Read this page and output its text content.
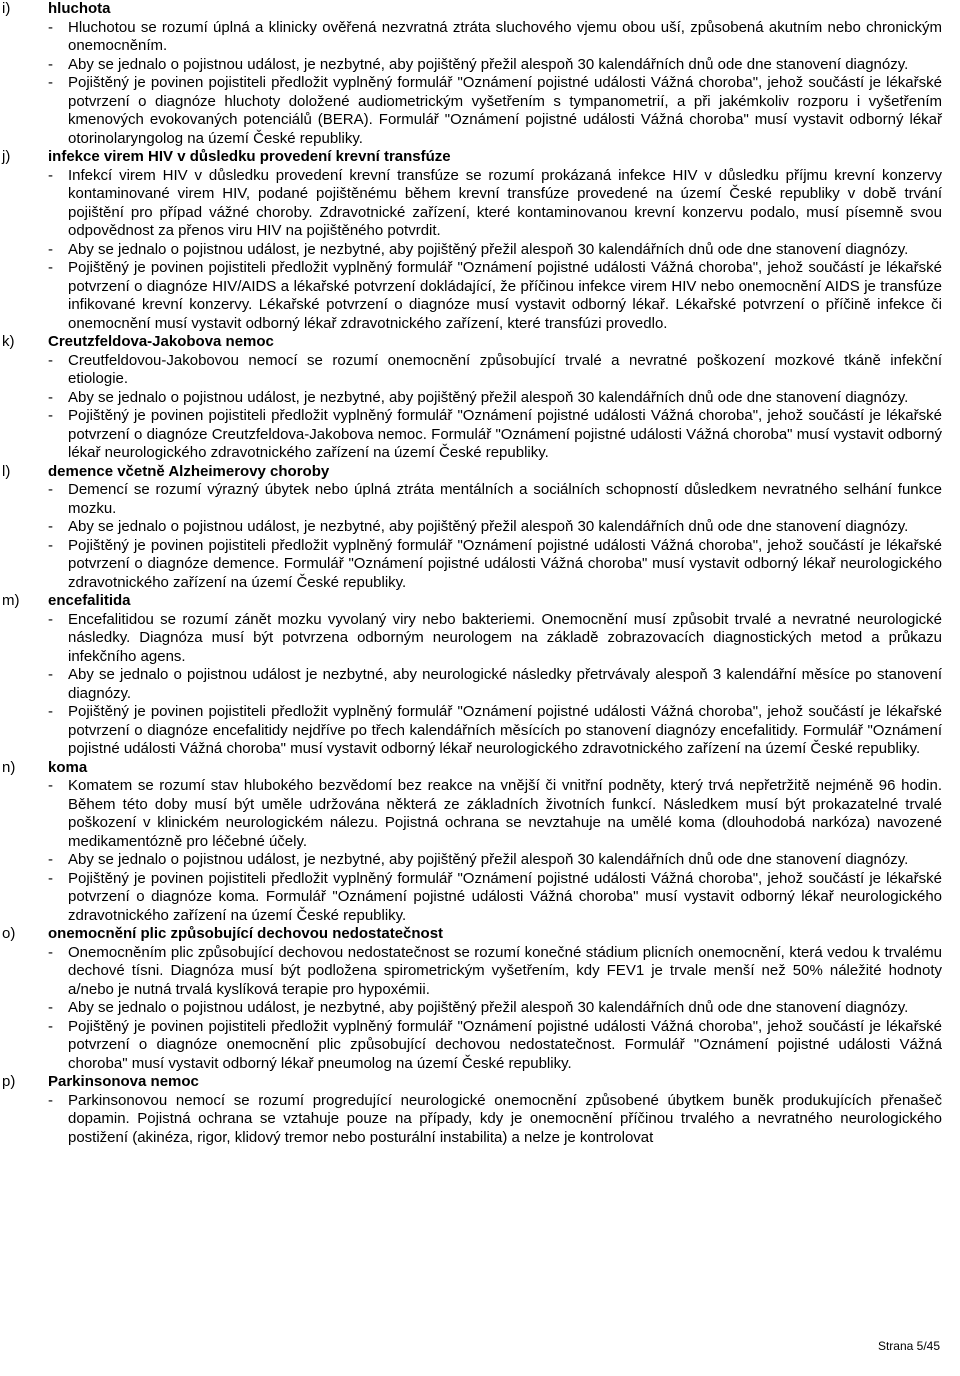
i)	hluchota

- Hluchotou se rozumí úplná a klinicky ověřená nezvratná ztráta sluchového vjemu obou uší, způsobená akutním nebo chronickým onemocněním.
- Aby se jednalo o pojistnou událost, je nezbytné, aby pojištěný přežil alespoň 30 kalendářních dnů ode dne stanovení diagnózy.
- Pojištěný je povinen pojistiteli předložit vyplněný formulář "Oznámení pojistné události Vážná choroba", jehož součástí je lékařské potvrzení o diagnóze hluchoty doložené audiometrickým vyšetřením s tympanometrií, a při jakémkoliv rozporu i vyšetřením kmenových evokovaných potenciálů (BERA). Formulář "Oznámení pojistné události Vážná choroba" musí vystavit odborný lékař otorinolaryngolog na území České republiky.
j)	infekce virem HIV v důsledku provedení krevní transfúze

- Infekcí virem HIV v důsledku provedení krevní transfúze se rozumí prokázaná infekce HIV v důsledku příjmu krevní konzervy kontaminované virem HIV, podané pojištěnému během krevní transfúze provedené na území České republiky v době trvání pojištění pro případ vážné choroby. Zdravotnické zařízení, které kontaminovanou krevní konzervu podalo, musí písemně svou odpovědnost za přenos viru HIV na pojištěného potvrdit.
- Aby se jednalo o pojistnou událost, je nezbytné, aby pojištěný přežil alespoň 30 kalendářních dnů ode dne stanovení diagnózy.
- Pojištěný je povinen pojistiteli předložit vyplněný formulář "Oznámení pojistné události Vážná choroba", jehož součástí je lékařské potvrzení o diagnóze HIV/AIDS a lékařské potvrzení dokládající, že příčinou infekce virem HIV nebo onemocnění AIDS je transfúze infikované krevní konzervy. Lékařské potvrzení o diagnóze musí vystavit odborný lékař. Lékařské potvrzení o příčině infekce či onemocnění musí vystavit odborný lékař zdravotnického zařízení, které transfúzi provedlo.
k) Creutzfeldova-Jakobova nemoc

- Creutfeldovou-Jakobovou nemocí se rozumí onemocnění způsobující trvalé a nevratné poškození mozkové tkáně infekční etiologie.
- Aby se jednalo o pojistnou událost, je nezbytné, aby pojištěný přežil alespoň 30 kalendářních dnů ode dne stanovení diagnózy.
- Pojištěný je povinen pojistiteli předložit vyplněný formulář "Oznámení pojistné události Vážná choroba", jehož součástí je lékařské potvrzení o diagnóze Creutzfeldova-Jakobova nemoc. Formulář "Oznámení pojistné události Vážná choroba" musí vystavit odborný lékař neurologického zdravotnického zařízení na území České republiky.
l)	demence včetně Alzheimerovy choroby

- Demencí se rozumí výrazný úbytek nebo úplná ztráta mentálních a sociálních schopností důsledkem nevratného selhání funkce mozku.
- Aby se jednalo o pojistnou událost, je nezbytné, aby pojištěný přežil alespoň 30 kalendářních dnů ode dne stanovení diagnózy.
- Pojištěný je povinen pojistiteli předložit vyplněný formulář "Oznámení pojistné události Vážná choroba", jehož součástí je lékařské potvrzení o diagnóze demence. Formulář "Oznámení pojistné události Vážná choroba" musí vystavit odborný lékař neurologického zdravotnického zařízení na území České republiky.
m) encefalitida

- Encefalitidou se rozumí zánět mozku vyvolaný viry nebo bakteriemi. Onemocnění musí způsobit trvalé a nevratné neurologické následky. Diagnóza musí být potvrzena odborným neurologem na základě zobrazovacích diagnostických metod a průkazu infekčního agens.
- Aby se jednalo o pojistnou událost je nezbytné, aby neurologické následky přetrvávaly alespoň 3 kalendářní měsíce po stanovení diagnózy.
- Pojištěný je povinen pojistiteli předložit vyplněný formulář "Oznámení pojistné události Vážná choroba", jehož součástí je lékařské potvrzení o diagnóze encefalitidy nejdříve po třech kalendářních měsících po stanovení diagnózy encefalitidy. Formulář "Oznámení pojistné události Vážná choroba" musí vystavit odborný lékař neurologického zdravotnického zařízení na území České republiky.
n) koma

- Komatem se rozumí stav hlubokého bezvědomí bez reakce na vnější či vnitřní podněty, který trvá nepřetržitě nejméně 96 hodin. Během této doby musí být uměle udržována některá ze základních životních funkcí. Následkem musí být prokazatelné trvalé poškození v klinickém neurologickém nálezu. Pojistná ochrana se nevztahuje na umělé koma (dlouhodobá narkóza) navozené medikamentózně pro léčebné účely.
- Aby se jednalo o pojistnou událost, je nezbytné, aby pojištěný přežil alespoň 30 kalendářních dnů ode dne stanovení diagnózy.
- Pojištěný je povinen pojistiteli předložit vyplněný formulář "Oznámení pojistné události Vážná choroba", jehož součástí je lékařské potvrzení o diagnóze koma. Formulář "Oznámení pojistné události Vážná choroba" musí vystavit odborný lékař neurologického zdravotnického zařízení na území České republiky.
o) onemocnění plic způsobující dechovou nedostatečnost

- Onemocněním plic způsobující dechovou nedostatečnost se rozumí konečné stádium plicních onemocnění, která vedou k trvalému dechové tísni. Diagnóza musí být podložena spirometrickým vyšetřením, kdy FEV1 je trvale menší než 50% náležité hodnoty a/nebo je nutná trvalá kyslíková terapie pro hypoxémii.
- Aby se jednalo o pojistnou událost, je nezbytné, aby pojištěný přežil alespoň 30 kalendářních dnů ode dne stanovení diagnózy.
- Pojištěný je povinen pojistiteli předložit vyplněný formulář "Oznámení pojistné události Vážná choroba", jehož součástí je lékařské potvrzení o diagnóze onemocnění plic způsobující dechovou nedostatečnost. Formulář "Oznámení pojistné události Vážná choroba" musí vystavit odborný lékař pneumolog na území České republiky.
p) Parkinsonova nemoc

- Parkinsonovou nemocí se rozumí progredující neurologické onemocnění způsobené úbytkem buněk produkujících přenašeč dopamin. Pojistná ochrana se vztahuje pouze na případy, kdy je onemocnění příčinou trvalého a nevratného neurologického postižení (akinéza, rigor, klidový tremor nebo posturální instabilita) a nelze je kontrolovat
Strana 5/45
